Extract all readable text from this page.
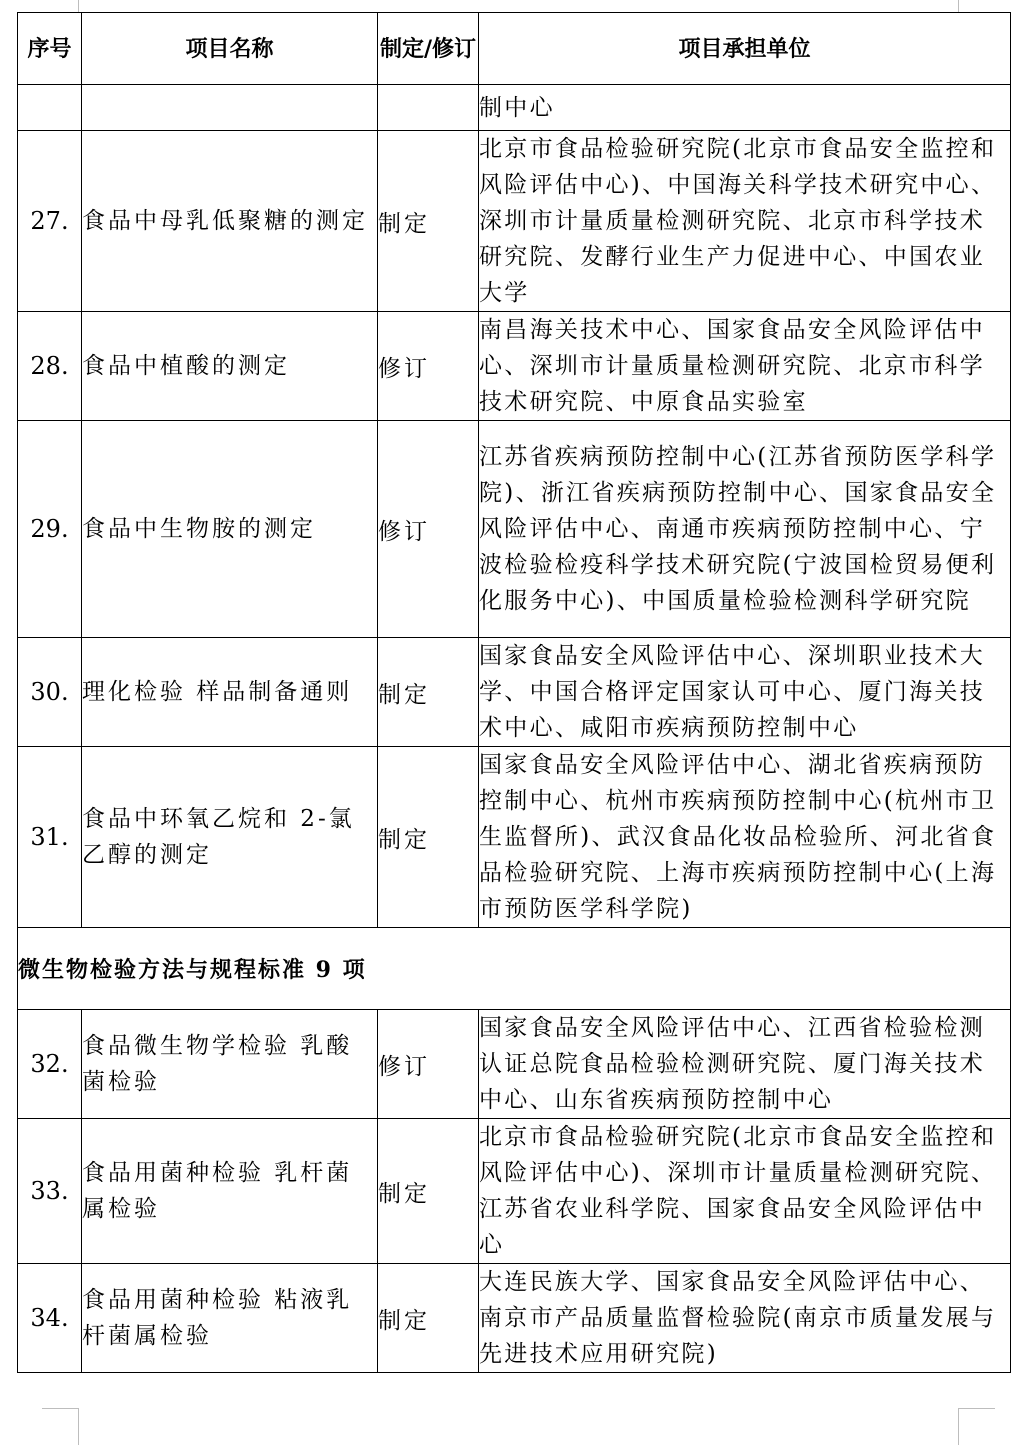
序号	项目名称	制定/修订	项目承担单位
			制中心
27.	食品中母乳低聚糖的测定	制定	北京市食品检验研究院(北京市食品安全监控和风险评估中心)、中国海关科学技术研究中心、深圳市计量质量检测研究院、北京市科学技术研究院、发酵行业生产力促进中心、中国农业大学
28.	食品中植酸的测定	修订	南昌海关技术中心、国家食品安全风险评估中心、深圳市计量质量检测研究院、北京市科学技术研究院、中原食品实验室
29.	食品中生物胺的测定	修订	江苏省疾病预防控制中心(江苏省预防医学科学院)、浙江省疾病预防控制中心、国家食品安全风险评估中心、南通市疾病预防控制中心、宁波检验检疫科学技术研究院(宁波国检贸易便利化服务中心)、中国质量检验检测科学研究院
30.	理化检验 样品制备通则	制定	国家食品安全风险评估中心、深圳职业技术大学、中国合格评定国家认可中心、厦门海关技术中心、咸阳市疾病预防控制中心
31.	食品中环氧乙烷和 2-氯乙醇的测定	制定	国家食品安全风险评估中心、湖北省疾病预防控制中心、杭州市疾病预防控制中心(杭州市卫生监督所)、武汉食品化妆品检验所、河北省食品检验研究院、上海市疾病预防控制中心(上海市预防医学科学院)
微生物检验方法与规程标准 9 项			
32.	食品微生物学检验 乳酸菌检验	修订	国家食品安全风险评估中心、江西省检验检测认证总院食品检验检测研究院、厦门海关技术中心、山东省疾病预防控制中心
33.	食品用菌种检验 乳杆菌属检验	制定	北京市食品检验研究院(北京市食品安全监控和风险评估中心)、深圳市计量质量检测研究院、江苏省农业科学院、国家食品安全风险评估中心
34.	食品用菌种检验 粘液乳杆菌属检验	制定	大连民族大学、国家食品安全风险评估中心、南京市产品质量监督检验院(南京市质量发展与先进技术应用研究院)
